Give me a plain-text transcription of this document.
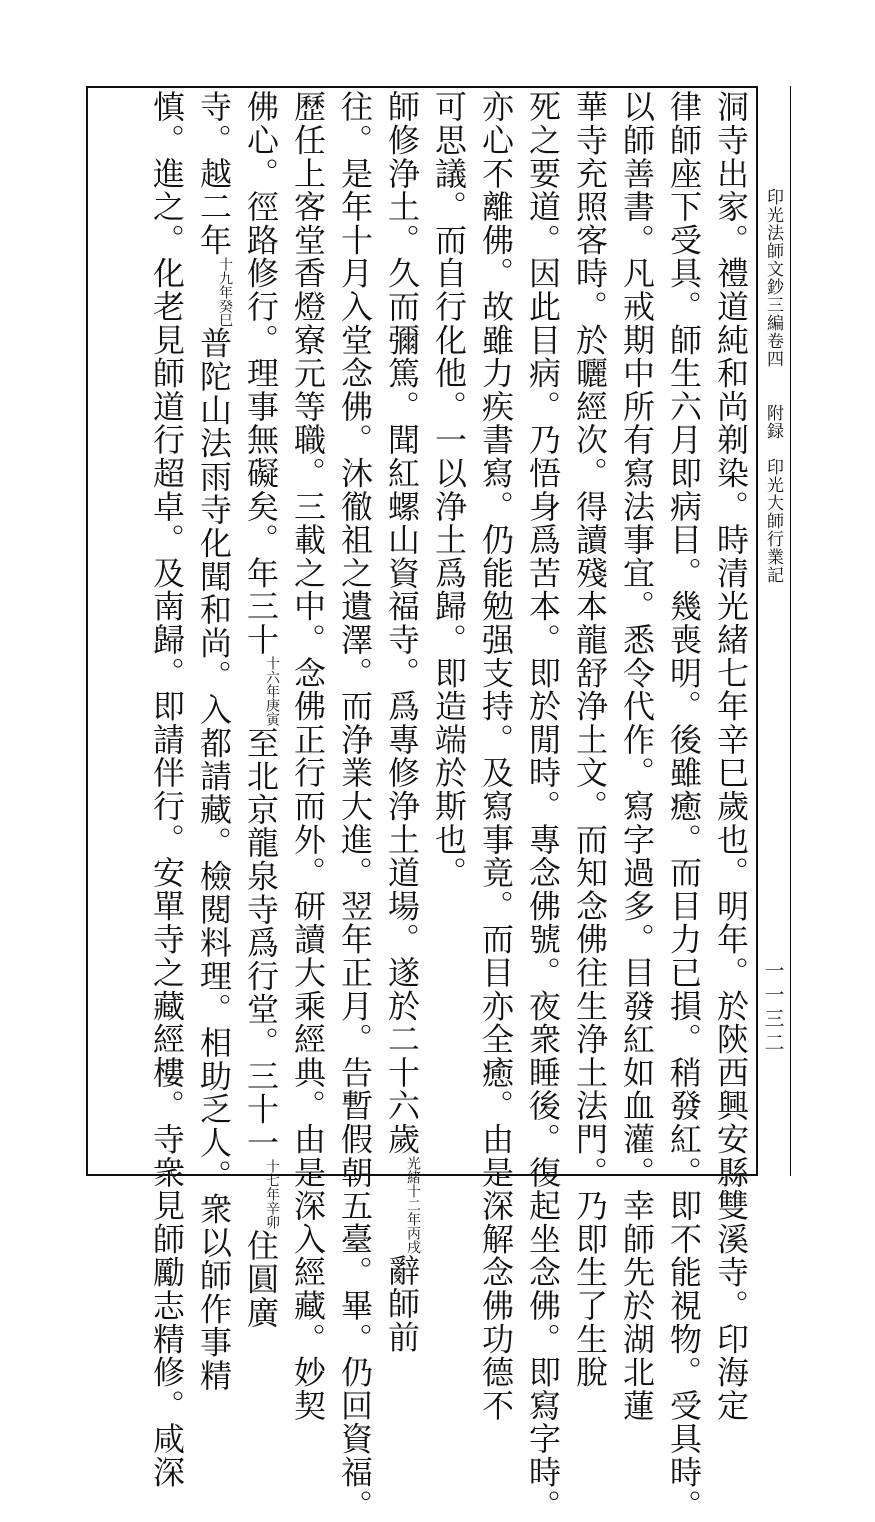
印光法師文鈔三編卷四　　附録　印光大師行業記
一一三二
洞寺出家。禮道純和尚剃染。時清光緒七年辛巳歲也。明年。於陝西興安縣雙溪寺。印海定
律師座下受具。師生六月即病目。幾喪明。後雖癒。而目力已損。稍發紅。即不能視物。受具時。
以師善書。凡戒期中所有寫法事宜。悉令代作。寫字過多。目發紅如血灌。幸師先於湖北蓮
華寺充照客時。於曬經次。得讀殘本龍舒浄土文。而知念佛往生浄土法門。乃即生了生脫
死之要道。因此目病。乃悟身爲苦本。即於閒時。專念佛號。夜衆睡後。復起坐念佛。即寫字時。
亦心不離佛。故雖力疾書寫。仍能勉强支持。及寫事竟。而目亦全癒。由是深解念佛功德不
可思議。而自行化他。一以浄土爲歸。即造端於斯也。
師修浄土。久而彌篤。聞紅螺山資福寺。爲專修浄土道場。遂於二十六歲光緒十二年丙戌辭師前
往。是年十月入堂念佛。沐徹祖之遺澤。而浄業大進。翌年正月。告暫假朝五臺。畢。仍回資福。
歷任上客堂香燈寮元等職。三載之中。念佛正行而外。研讀大乘經典。由是深入經藏。妙契
佛心。徑路修行。理事無礙矣。年三十十六年庚寅至北京龍泉寺爲行堂。三十一十七年辛卯住圓廣
寺。越二年十九年癸巳普陀山法雨寺化聞和尚。入都請藏。檢閱料理。相助乏人。衆以師作事精
慎。進之。化老見師道行超卓。及南歸。即請伴行。安單寺之藏經樓。寺衆見師勵志精修。咸深
